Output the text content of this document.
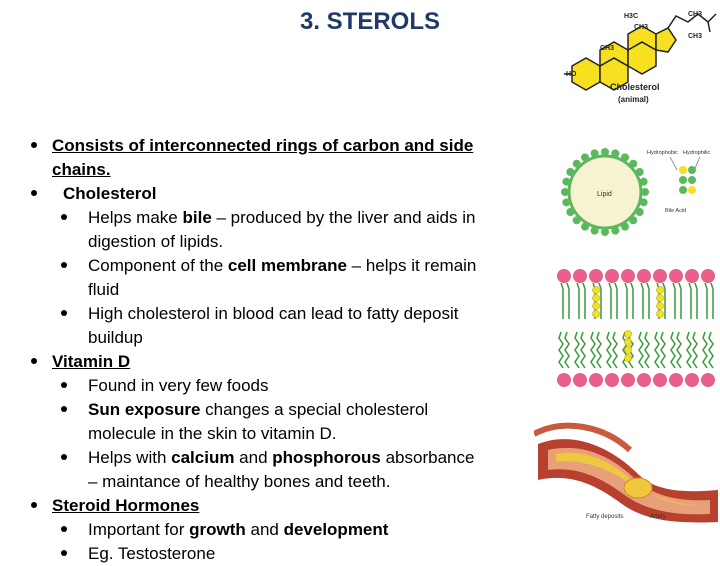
3. STEROLS
Consists of interconnected rings of carbon and side
chains.
Cholesterol
Helps make bile – produced by the liver and aids in
digestion of lipids.
Component of the cell membrane – helps it remain
fluid
High cholesterol in blood can lead to fatty deposit
buildup
Vitamin D
Found in very few foods
Sun exposure changes a special cholesterol
molecule in the skin to vitamin D.
Helps with calcium and phosphorous absorbance
– maintance of healthy bones and teeth.
Steroid Hormones
Important for growth and development
Eg. Testosterone
H3C
CH3
CH3
CH3
CH3
HO
Cholesterol
(animal)
Lipid
Hydrophobic Hydrophilic
Bile Acid
Fatty deposits	Artery
